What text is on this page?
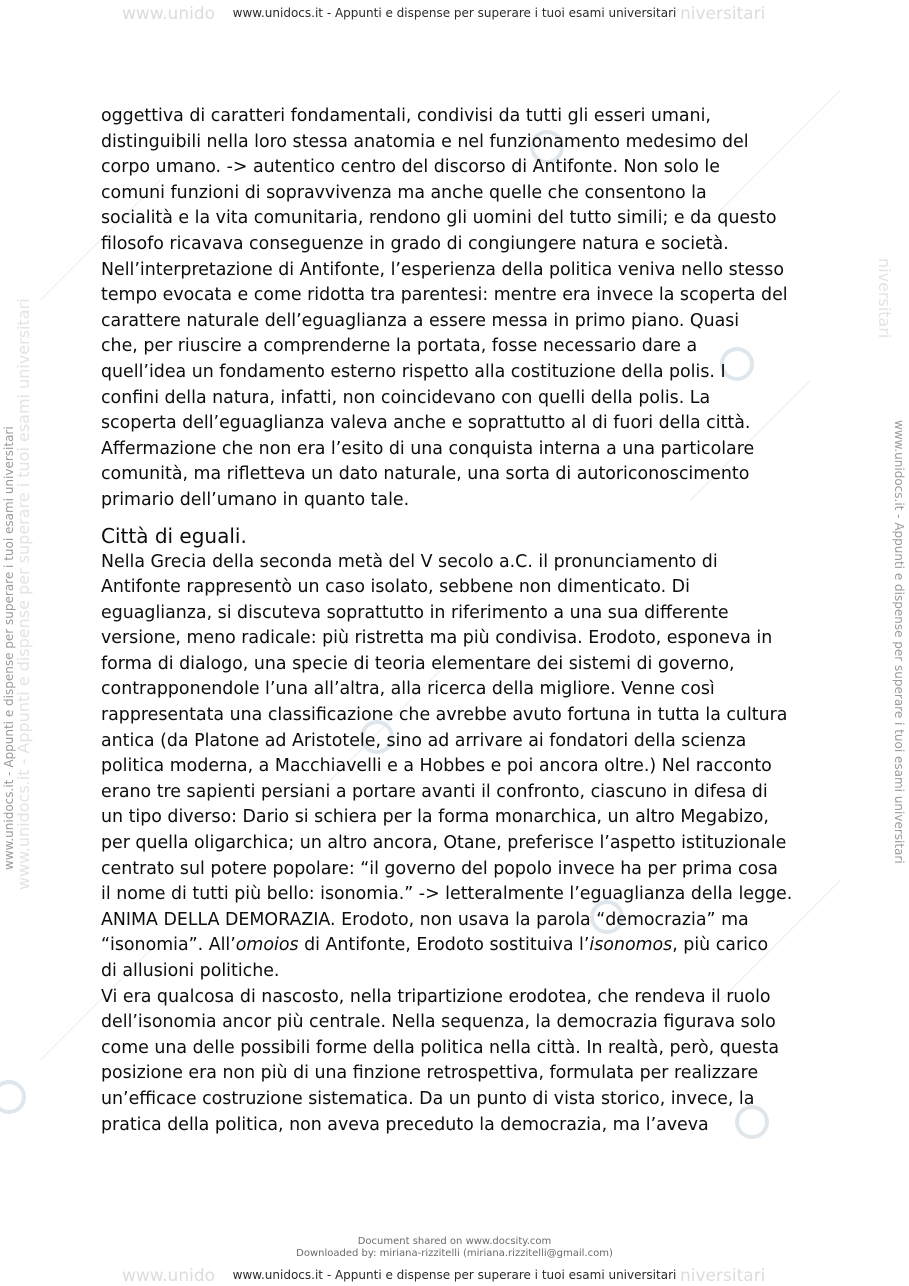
www.unido www.unidocs.it - Appunti e dispense per superare i tuoi esami universitari niversitari
www.unidocs.it - Appunti e dispense per superare i tuoi esami universitari
www.unidocs.it - Appunti e dispense per superare i tuoi esami universitari
niversitari
www.unidocs.it - Appunti e dispense per superare i tuoi esami universitari
oggettiva di caratteri fondamentali, condivisi da tutti gli esseri umani,
distinguibili nella loro stessa anatomia e nel funzionamento medesimo del
corpo umano. -> autentico centro del discorso di Antifonte. Non solo le
comuni funzioni di sopravvivenza ma anche quelle che consentono la
socialità e la vita comunitaria, rendono gli uomini del tutto simili; e da questo
filosofo ricavava conseguenze in grado di congiungere natura e società.
Nell’interpretazione di Antifonte, l’esperienza della politica veniva nello stesso
tempo evocata e come ridotta tra parentesi: mentre era invece la scoperta del
carattere naturale dell’eguaglianza a essere messa in primo piano. Quasi
che, per riuscire a comprenderne la portata, fosse necessario dare a
quell’idea un fondamento esterno rispetto alla costituzione della polis. I
confini della natura, infatti, non coincidevano con quelli della polis. La
scoperta dell’eguaglianza valeva anche e soprattutto al di fuori della città.
Affermazione che non era l’esito di una conquista interna a una particolare
comunità, ma rifletteva un dato naturale, una sorta di autoriconoscimento
primario dell’umano in quanto tale.
Città di eguali.
Nella Grecia della seconda metà del V secolo a.C. il pronunciamento di
Antifonte rappresentò un caso isolato, sebbene non dimenticato. Di
eguaglianza, si discuteva soprattutto in riferimento a una sua differente
versione, meno radicale: più ristretta ma più condivisa. Erodoto, esponeva in
forma di dialogo, una specie di teoria elementare dei sistemi di governo,
contrapponendole l’una all’altra, alla ricerca della migliore. Venne così
rappresentata una classificazione che avrebbe avuto fortuna in tutta la cultura
antica (da Platone ad Aristotele, sino ad arrivare ai fondatori della scienza
politica moderna, a Macchiavelli e a Hobbes e poi ancora oltre.) Nel racconto
erano tre sapienti persiani a portare avanti il confronto, ciascuno in difesa di
un tipo diverso: Dario si schiera per la forma monarchica, un altro Megabizo,
per quella oligarchica; un altro ancora, Otane, preferisce l’aspetto istituzionale
centrato sul potere popolare: “il governo del popolo invece ha per prima cosa
il nome di tutti più bello: isonomia.” -> letteralmente l’eguaglianza della legge.
ANIMA DELLA DEMORAZIA. Erodoto, non usava la parola “democrazia” ma
“isonomia”. All’omoios di Antifonte, Erodoto sostituiva l’isonomos, più carico
di allusioni politiche.
Vi era qualcosa di nascosto, nella tripartizione erodotea, che rendeva il ruolo
dell’isonomia ancor più centrale. Nella sequenza, la democrazia figurava solo
come una delle possibili forme della politica nella città. In realtà, però, questa
posizione era non più di una finzione retrospettiva, formulata per realizzare
un’efficace costruzione sistematica. Da un punto di vista storico, invece, la
pratica della politica, non aveva preceduto la democrazia, ma l’aveva
Document shared on www.docsity.com
Downloaded by: miriana-rizzitelli (miriana.rizzitelli@gmail.com)
www.unido www.unidocs.it - Appunti e dispense per superare i tuoi esami universitari niversitari
